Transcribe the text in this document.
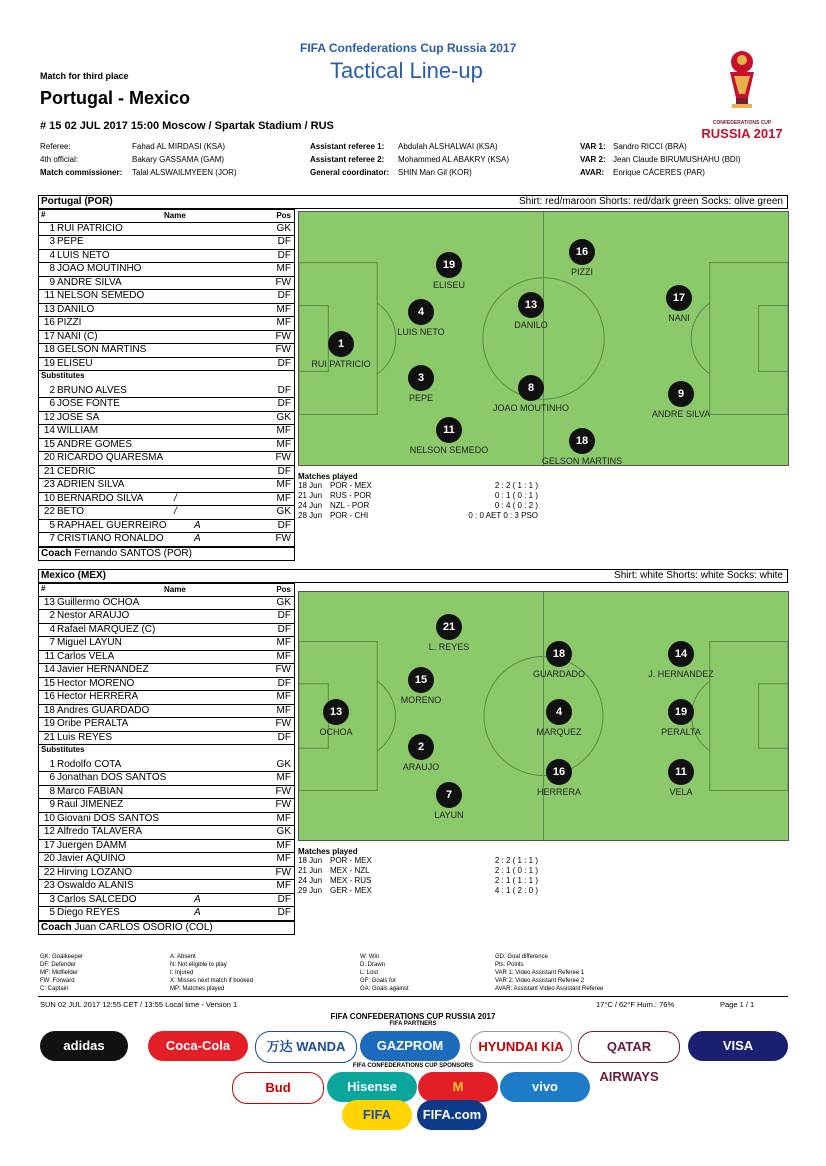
FIFA Confederations Cup Russia 2017
Tactical Line-up
Match for third place
Portugal - Mexico
# 15 02 JUL 2017 15:00 Moscow / Spartak Stadium / RUS	CONFEDERATIONS CUP
RUSSIA 2017
Referee:	Fahad AL MIRDASI (KSA)
4th official:	Bakary GASSAMA (GAM)
Match commissioner: Talal ALSWAILMYEEN (JOR)
Assistant referee 1: Abdulah ALSHALWAI (KSA)
Assistant referee 2: Mohammed AL ABAKRY (KSA)
General coordinator: SHIN Man Gil (KOR)
VAR 1: Sandro RICCI (BRA)
VAR 2: Jean Claude BIRUMUSHAHU (BDI)
AVAR: Enrique CÁCERES (PAR)
Portugal (POR)	Shirt: red/maroon Shorts: red/dark green Socks: olive green
#	Name	Pos
1 RUI PATRICIO	GK
3 PEPE	DF
4 LUIS NETO	DF
8 JOAO MOUTINHO	MF
9 ANDRE SILVA	FW
11 NELSON SEMEDO	DF
13 DANILO	MF
16 PIZZI	MF
17 NANI (C)	FW
18 GELSON MARTINS	FW
19 ELISEU	DF
Substitutes
2 BRUNO ALVES	DF
6 JOSE FONTE	DF
12 JOSE SA	GK
14 WILLIAM	MF
15 ANDRE GOMES	MF
20 RICARDO QUARESMA	FW
21 CEDRIC	DF
23 ADRIEN SILVA	MF
10 BERNARDO SILVA	/	MF
22 BETO	/	GK
5 RAPHAEL GUERREIRO	A	DF
7 CRISTIANO RONALDO	A	FW
Coach Fernando SANTOS (POR)
1
RUI PATRICIO
19
ELISEU
16
PIZZI
4
LUIS NETO
13
DANILO
17
NANI
3
PEPE
8
JOAO MOUTINHO
9
ANDRE SILVA
11
NELSON SEMEDO
18
GELSON MARTINS
Matches played
18 Jun POR - MEX	2 : 2 ( 1 : 1 )
21 Jun RUS - POR	0 : 1 ( 0 : 1 )
24 Jun NZL - POR	0 : 4 ( 0 : 2 )
28 Jun POR - CHI	0 : 0 AET 0 : 3 PSO
Mexico (MEX)	Shirt: white Shorts: white Socks: white
#	Name	Pos
13 Guillermo OCHOA	GK
2 Nestor ARAUJO	DF
4 Rafael MARQUEZ (C)	DF
7 Miguel LAYUN	MF
11 Carlos VELA	MF
14 Javier HERNANDEZ	FW
15 Hector MORENO	DF
16 Hector HERRERA	MF
18 Andres GUARDADO	MF
19 Oribe PERALTA	FW
21 Luis REYES	DF
Substitutes
1 Rodolfo COTA	GK
6 Jonathan DOS SANTOS	MF
8 Marco FABIAN	FW
9 Raul JIMENEZ	FW
10 Giovani DOS SANTOS	MF
12 Alfredo TALAVERA	GK
17 Juergen DAMM	MF
20 Javier AQUINO	MF
22 Hirving LOZANO	FW
23 Oswaldo ALANIS	MF
3 Carlos SALCEDO	A	DF
5 Diego REYES	A	DF
Coach Juan CARLOS OSORIO (COL)
13
OCHOA
21
L. REYES
15
MORENO
2
ARAUJO
7
LAYUN
18
GUARDADO
4
MARQUEZ
16
HERRERA
14
J. HERNANDEZ
19
PERALTA
11
VELA
Matches played
18 Jun POR - MEX	2 : 2 ( 1 : 1 )
21 Jun MEX - NZL	2 : 1 ( 0 : 1 )
24 Jun MEX - RUS	2 : 1 ( 1 : 1 )
29 Jun GER - MEX	4 : 1 ( 2 : 0 )
GK: Goalkeeper	A: Absent	W: Win	GD: Goal difference
DF: Defender	N: Not eligible to play	D: Drawn	Pts: Points
MF: Midfielder	I: Injured	L: Lost	VAR 1: Video Assistant Referee 1
FW: Forward	X: Misses next match if booked	GF: Goals for	VAR 2: Video Assistant Referee 2
C: Captain	MP: Matches played	GA: Goals against	AVAR: Assistant Video Assistant Referee
SUN 02 JUL 2017 12:55 CET / 13:55 Local time - Version 1	17°C / 62°F Hum.: 76%	Page 1 / 1
FIFA CONFEDERATIONS CUP RUSSIA 2017
FIFA PARTNERS
FIFA CONFEDERATIONS CUP SPONSORS
adidas	Coca-Cola	万达 WANDA	GAZPROM	HYUNDAI KIA	QATAR AIRWAYS
VISA
Bud	Hisense	M	vivo
FIFA	FIFA.com
